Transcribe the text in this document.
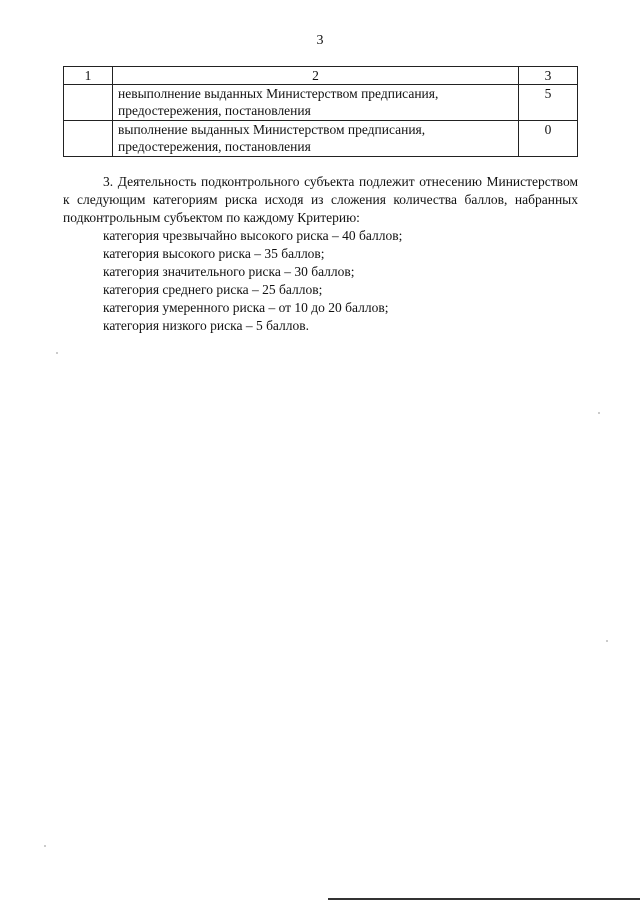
3
1	2	3
	невыполнение выданных Министерством предписания, предостережения, постановления	5
	выполнение выданных Министерством предписания, предостережения, постановления	0

3. Деятельность подконтрольного субъекта подлежит отнесению Министерством к следующим категориям риска исходя из сложения количества баллов, набранных подконтрольным субъектом по каждому Критерию:

категория чрезвычайно высокого риска – 40 баллов;
категория высокого риска – 35 баллов;
категория значительного риска – 30 баллов;
категория среднего риска – 25 баллов;
категория умеренного риска – от 10 до 20 баллов;
категория низкого риска – 5 баллов.
